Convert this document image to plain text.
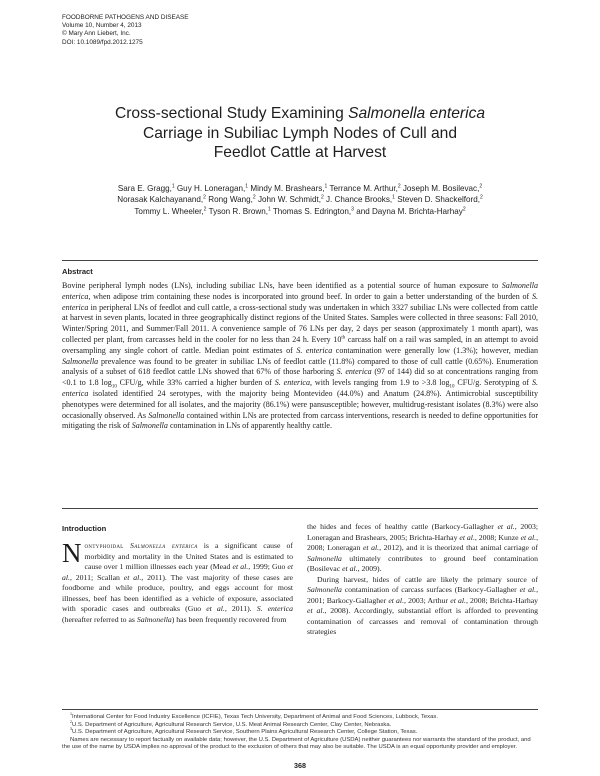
FOODBORNE PATHOGENS AND DISEASE
Volume 10, Number 4, 2013
© Mary Ann Liebert, Inc.
DOI: 10.1089/fpd.2012.1275
Cross-sectional Study Examining Salmonella enterica
Carriage in Subiliac Lymph Nodes of Cull and
Feedlot Cattle at Harvest
Sara E. Gragg,$^1$ Guy H. Loneragan,$^1$ Mindy M. Brashears,$^1$ Terrance M. Arthur,$^2$ Joseph M. Bosilevac,$^2$
Norasak Kalchayanand,$^2$ Rong Wang,$^2$ John W. Schmidt,$^2$ J. Chance Brooks,$^1$ Steven D. Shackelford,$^2$
Tommy L. Wheeler,$^2$ Tyson R. Brown,$^1$ Thomas S. Edrington,$^3$ and Dayna M. Brichta-Harhay$^2$
Abstract
Bovine peripheral lymph nodes (LNs), including subiliac LNs, have been identified as a potential source of human exposure to Salmonella enterica, when adipose trim containing these nodes is incorporated into ground beef. In order to gain a better understanding of the burden of S. enterica in peripheral LNs of feedlot and cull cattle, a cross-sectional study was undertaken in which 3327 subiliac LNs were collected from cattle at harvest in seven plants, located in three geographically distinct regions of the United States. Samples were collected in three seasons: Fall 2010, Winter/Spring 2011, and Summer/Fall 2011. A convenience sample of 76 LNs per day, 2 days per season (approximately 1 month apart), was collected per plant, from carcasses held in the cooler for no less than 24 h. Every 10th carcass half on a rail was sampled, in an attempt to avoid oversampling any single cohort of cattle. Median point estimates of S. enterica contamination were generally low (1.3%); however, median Salmonella prevalence was found to be greater in subiliac LNs of feedlot cattle (11.8%) compared to those of cull cattle (0.65%). Enumeration analysis of a subset of 618 feedlot cattle LNs showed that 67% of those harboring S. enterica (97 of 144) did so at concentrations ranging from <0.1 to 1.8 $\log_{10} CFU/g$, while 33% carried a higher burden of S. enterica, with levels ranging from 1.9 to >3.8 $\log_{10} CFU/g$. Serotyping of S. enterica isolated identified 24 serotypes, with the majority being Montevideo (44.0%) and Anatum (24.8%). Antimicrobial susceptibility phenotypes were determined for all isolates, and the majority (86.1%) were pansusceptible; however, multidrug-resistant isolates (8.3%) were also occasionally observed. As Salmonella contained within LNs are protected from carcass interventions, research is needed to define opportunities for mitigating the risk of Salmonella contamination in LNs of apparently healthy cattle.
Introduction

Nontyphoidal Salmonella enterica is a significant cause of morbidity and mortality in the United States and is estimated to cause over 1 million illnesses each year (Mead et al., 1999; Guo et al., 2011; Scallan et al., 2011). The vast majority of these cases are foodborne and while produce, poultry, and eggs account for most illnesses, beef has been identified as a vehicle of exposure, associated with sporadic cases and outbreaks (Guo et al., 2011). S. enterica (hereafter referred to as Salmonella) has been frequently recovered from

the hides and feces of healthy cattle (Barkocy-Gallagher et al., 2003; Loneragan and Brashears, 2005; Brichta-Harhay et al., 2008; Kunze et al., 2008; Loneragan et al., 2012), and it is theorized that animal carriage of Salmonella ultimately contributes to ground beef contamination (Bosilevac et al., 2009).

During harvest, hides of cattle are likely the primary source of Salmonella contamination of carcass surfaces (Barkocy-Gallagher et al., 2001; Barkocy-Gallagher et al., 2003; Arthur et al., 2008; Brichta-Harhay et al., 2008). Accordingly, substantial effort is afforded to preventing contamination of carcasses and removal of contamination through strategies

$^1$International Center for Food Industry Excellence (ICFIE), Texas Tech University, Department of Animal and Food Sciences, Lubbock, Texas.

$^2$U.S. Department of Agriculture, Agricultural Research Service, U.S. Meat Animal Research Center, Clay Center, Nebraska.

$^3$U.S. Department of Agriculture, Agricultural Research Service, Southern Plains Agricultural Research Center, College Station, Texas.

Names are necessary to report factually on available data; however, the U.S. Department of Agriculture (USDA) neither guarantees nor warrants the standard of the product, and the use of the name by USDA implies no approval of the product to the exclusion of others that may also be suitable. The USDA is an equal opportunity provider and employer.

368
